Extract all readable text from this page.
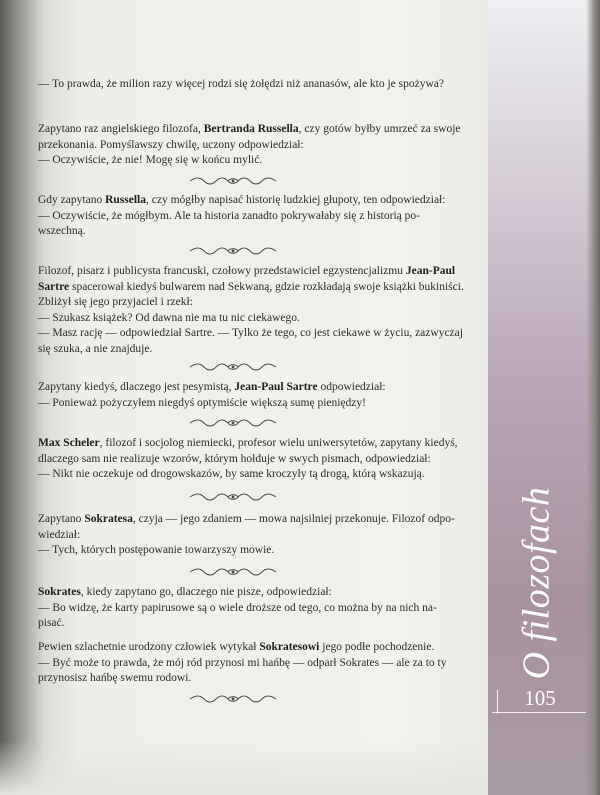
O filozofach
105

— To prawda, że milion razy więcej rodzi się żołędzi niż ananasów, ale kto je spożywa?

Zapytano raz angielskiego filozofa, Bertranda Russella, czy gotów byłby umrzeć za swoje

przekonania. Pomyślawszy chwilę, uczony odpowiedział:

— Oczywiście, że nie! Mogę się w końcu mylić.

Gdy zapytano Russella, czy mógłby napisać historię ludzkiej głupoty, ten odpowiedział:

— Oczywiście, że mógłbym. Ale ta historia zanadto pokrywałaby się z historią po-

wszechną.

Filozof, pisarz i publicysta francuski, czołowy przedstawiciel egzystencjalizmu Jean-Paul

Sartre spacerował kiedyś bulwarem nad Sekwaną, gdzie rozkładają swoje książki bukiniści.

Zbliżył się jego przyjaciel i rzekł:

— Szukasz książek? Od dawna nie ma tu nic ciekawego.

— Masz rację — odpowiedział Sartre. — Tylko że tego, co jest ciekawe w życiu, zazwyczaj

się szuka, a nie znajduje.

Zapytany kiedyś, dlaczego jest pesymistą, Jean-Paul Sartre odpowiedział:

— Ponieważ pożyczyłem niegdyś optymiście większą sumę pieniędzy!

Max Scheler, filozof i socjolog niemiecki, profesor wielu uniwersytetów, zapytany kiedyś,

dlaczego sam nie realizuje wzorów, którym hołduje w swych pismach, odpowiedział:

— Nikt nie oczekuje od drogowskazów, by same kroczyły tą drogą, którą wskazują.

Zapytano Sokratesa, czyja — jego zdaniem — mowa najsilniej przekonuje. Filozof odpo-

wiedział:

— Tych, których postępowanie towarzyszy mowie.

Sokrates, kiedy zapytano go, dlaczego nie pisze, odpowiedział:

— Bo widzę, że karty papirusowe są o wiele droższe od tego, co można by na nich na-

pisać.

Pewien szlachetnie urodzony człowiek wytykał Sokratesowi jego podłe pochodzenie.

— Być może to prawda, że mój ród przynosi mi hańbę — odparł Sokrates — ale za to ty

przynosisz hańbę swemu rodowi.
